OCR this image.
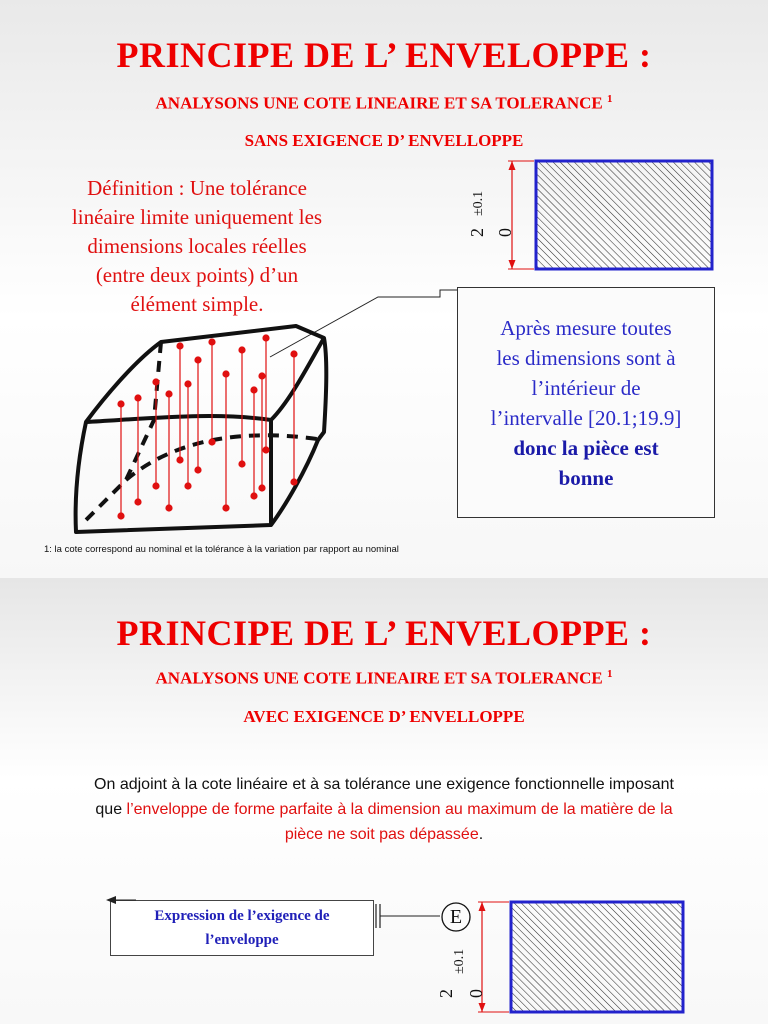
PRINCIPE DE L’ ENVELOPPE :
ANALYSONS UNE COTE LINEAIRE ET SA TOLERANCE $^1$
SANS EXIGENCE D’ ENVELLOPPE
Définition : Une tolérance
linéaire limite uniquement les
dimensions locales réelles
(entre deux points) d’un
élément simple.
2 0
±0.1
Après mesure toutes
les dimensions sont à
l’intérieur de
l’intervalle [20.1;19.9]
donc la pièce est
bonne
1: la cote correspond au nominal et la tolérance à la variation par rapport au nominal
PRINCIPE DE L’ ENVELOPPE :
ANALYSONS UNE COTE LINEAIRE ET SA TOLERANCE $^1$
AVEC EXIGENCE D’ ENVELLOPPE
On adjoint à la cote linéaire et à sa tolérance une exigence fonctionnelle imposant
que l’enveloppe de forme parfaite à la dimension au maximum de la matière de la
pièce ne soit pas dépassée.
Expression de l’exigence de
l’enveloppe
E
2 0
±0.1
